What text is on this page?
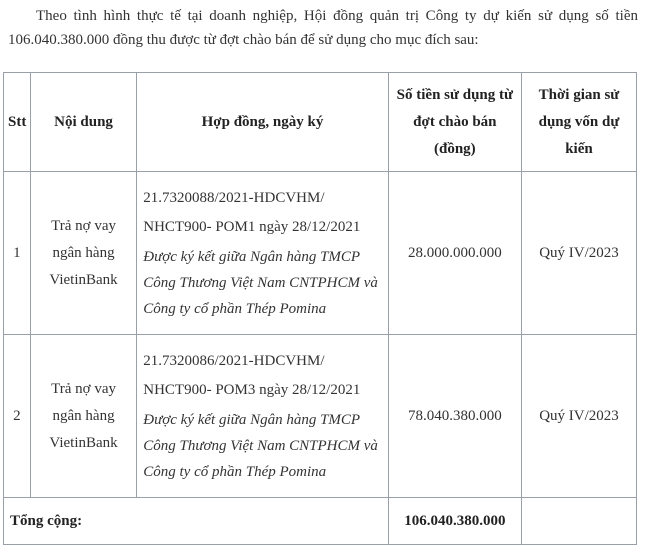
Theo tình hình thực tế tại doanh nghiệp, Hội đồng quản trị Công ty dự kiến sử dụng số tiền
106.040.380.000 đồng thu được từ đợt chào bán để sử dụng cho mục đích sau:
Stt	Nội dung	Hợp đồng, ngày ký	Số tiền sử dụng từ đợt chào bán (đồng)	Thời gian sử dụng vốn dự kiến
1	Trả nợ vay ngân hàng VietinBank	21.7320088/2021-HDCVHM/
NHCT900- POM1 ngày 28/12/2021
Được ký kết giữa Ngân hàng TMCP Công Thương Việt Nam CNTPHCM và Công ty cổ phần Thép Pomina	28.000.000.000	Quý IV/2023
2	Trả nợ vay ngân hàng VietinBank	21.7320086/2021-HDCVHM/
NHCT900- POM3 ngày 28/12/2021
Được ký kết giữa Ngân hàng TMCP Công Thương Việt Nam CNTPHCM và Công ty cổ phần Thép Pomina	78.040.380.000	Quý IV/2023
Tổng cộng:			106.040.380.000	
